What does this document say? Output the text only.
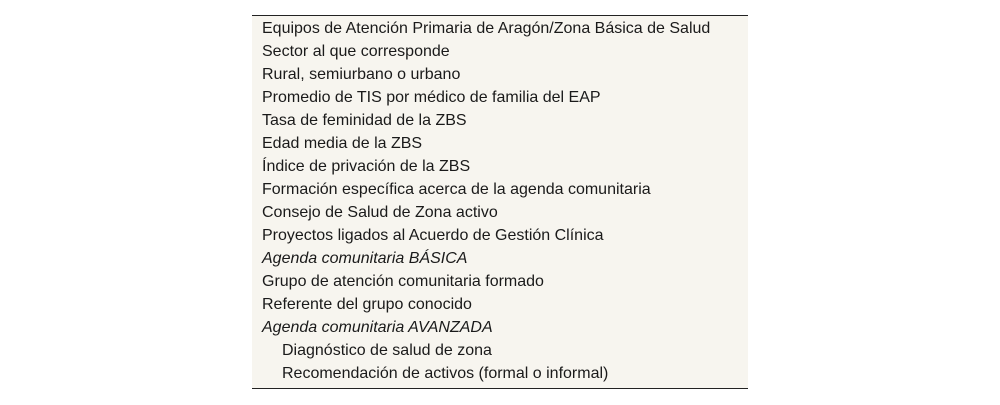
Equipos de Atención Primaria de Aragón/Zona Básica de Salud
Sector al que corresponde
Rural, semiurbano o urbano
Promedio de TIS por médico de familia del EAP
Tasa de feminidad de la ZBS
Edad media de la ZBS
Índice de privación de la ZBS
Formación específica acerca de la agenda comunitaria
Consejo de Salud de Zona activo
Proyectos ligados al Acuerdo de Gestión Clínica
Agenda comunitaria BÁSICA
Grupo de atención comunitaria formado
Referente del grupo conocido
Agenda comunitaria AVANZADA
Diagnóstico de salud de zona
Recomendación de activos (formal o informal)
